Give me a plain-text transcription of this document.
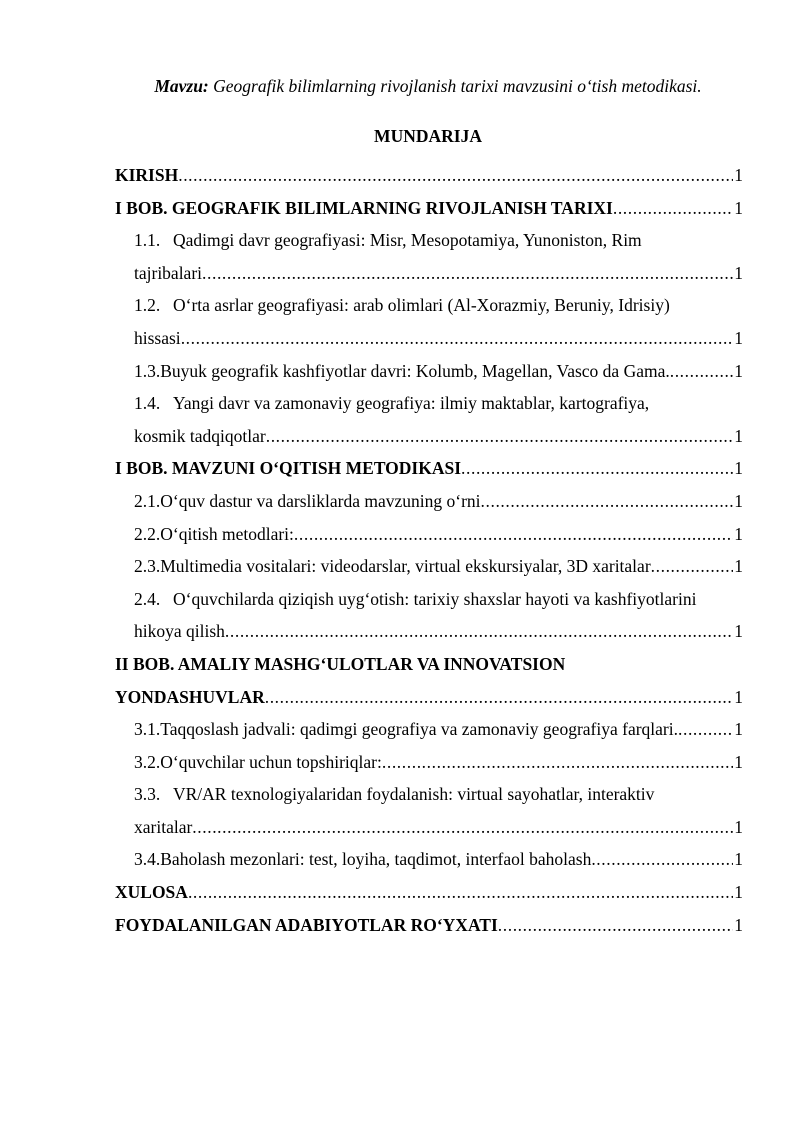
Mavzu: Geografik bilimlarning rivojlanish tarixi mavzusini o‘tish metodikasi.
MUNDARIJA
KIRISH .....	1
I BOB. GEOGRAFIK BILIMLARNING RIVOJLANISH TARIXI .....	1
1.1. Qadimgi davr geografiyasi: Misr, Mesopotamiya, Yunoniston, Rim
tajribalari .....	1
1.2. O‘rta asrlar geografiyasi: arab olimlari (Al-Xorazmiy, Beruniy, Idrisiy)
hissasi .....	1
1.3. Buyuk geografik kashfiyotlar davri: Kolumb, Magellan, Vasco da Gama. .....	1
1.4. Yangi davr va zamonaviy geografiya: ilmiy maktablar, kartografiya,
kosmik tadqiqotlar .....	1
I BOB. MAVZUNI O‘QITISH METODIKASI .....	1
2.1. O‘quv dastur va darsliklarda mavzuning o‘rni .....	1
2.2. O‘qitish metodlari: .....	1
2.3. Multimedia vositalari: videodarslar, virtual ekskursiyalar, 3D xaritalar .....	1
2.4. O‘quvchilarda qiziqish uyg‘otish: tarixiy shaxslar hayoti va kashfiyotlarini
hikoya qilish .....	1
II BOB. AMALIY MASHG‘ULOTLAR VA INNOVATSION
YONDASHUVLAR .....	1
3.1. Taqqoslash jadvali: qadimgi geografiya va zamonaviy geografiya farqlari. .....	1
3.2. O‘quvchilar uchun topshiriqlar: .....	1
3.3. VR/AR texnologiyalaridan foydalanish: virtual sayohatlar, interaktiv
xaritalar .....	1
3.4. Baholash mezonlari: test, loyiha, taqdimot, interfaol baholash .....	1
XULOSA .....	1
FOYDALANILGAN ADABIYOTLAR RO‘YXATI .....	1
